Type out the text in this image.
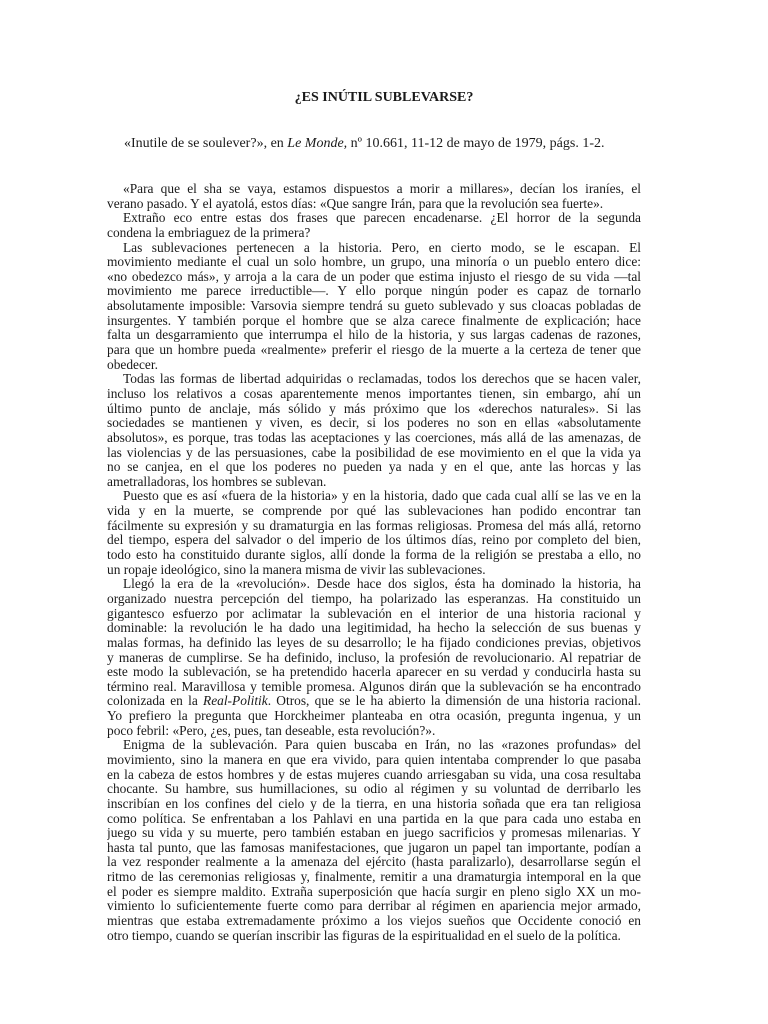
¿ES INÚTIL SUBLEVARSE?
«Inutile de se soulever?», en Le Monde, nº 10.661, 11-12 de mayo de 1979, págs. 1-2.
«Para que el sha se vaya, estamos dispuestos a morir a millares», decían los iraníes, el
verano pasado. Y el ayatolá, estos días: «Que sangre Irán, para que la revolución sea fuerte».
Extraño eco entre estas dos frases que parecen encadenarse. ¿El horror de la segunda
condena la embriaguez de la primera?
Las sublevaciones pertenecen a la historia. Pero, en cierto modo, se le escapan. El
movimiento mediante el cual un solo hombre, un grupo, una minoría o un pueblo entero dice:
«no obedezco más», y arroja a la cara de un poder que estima injusto el riesgo de su vida —tal
movimiento me parece irreductible—. Y ello porque ningún poder es capaz de tornarlo
absolutamente imposible: Varsovia siempre tendrá su gueto sublevado y sus cloacas pobladas de
insurgentes. Y también porque el hombre que se alza carece finalmente de explicación; hace
falta un desgarramiento que interrumpa el hilo de la historia, y sus largas cadenas de razones,
para que un hombre pueda «realmente» preferir el riesgo de la muerte a la certeza de tener que
obedecer.
Todas las formas de libertad adquiridas o reclamadas, todos los derechos que se hacen valer,
incluso los relativos a cosas aparentemente menos importantes tienen, sin embargo, ahí un
último punto de anclaje, más sólido y más próximo que los «derechos naturales». Si las
sociedades se mantienen y viven, es decir, si los poderes no son en ellas «absolutamente
absolutos», es porque, tras todas las aceptaciones y las coerciones, más allá de las amenazas, de
las violencias y de las persuasiones, cabe la posibilidad de ese movimiento en el que la vida ya
no se canjea, en el que los poderes no pueden ya nada y en el que, ante las horcas y las
ametralladoras, los hombres se sublevan.
Puesto que es así «fuera de la historia» y en la historia, dado que cada cual allí se las ve en la
vida y en la muerte, se comprende por qué las sublevaciones han podido encontrar tan
fácilmente su expresión y su dramaturgia en las formas religiosas. Promesa del más allá, retorno
del tiempo, espera del salvador o del imperio de los últimos días, reino por completo del bien,
todo esto ha constituido durante siglos, allí donde la forma de la religión se prestaba a ello, no
un ropaje ideológico, sino la manera misma de vivir las sublevaciones.
Llegó la era de la «revolución». Desde hace dos siglos, ésta ha dominado la historia, ha
organizado nuestra percepción del tiempo, ha polarizado las esperanzas. Ha constituido un
gigantesco esfuerzo por aclimatar la sublevación en el interior de una historia racional y
dominable: la revolución le ha dado una legitimidad, ha hecho la selección de sus buenas y
malas formas, ha definido las leyes de su desarrollo; le ha fijado condiciones previas, objetivos
y maneras de cumplirse. Se ha definido, incluso, la profesión de revolucionario. Al repatriar de
este modo la sublevación, se ha pretendido hacerla aparecer en su verdad y conducirla hasta su
término real. Maravillosa y temible promesa. Algunos dirán que la sublevación se ha encontrado
colonizada en la Real-Politik. Otros, que se le ha abierto la dimensión de una historia racional.
Yo prefiero la pregunta que Horckheimer planteaba en otra ocasión, pregunta ingenua, y un
poco febril: «Pero, ¿es, pues, tan deseable, esta revolución?».
Enigma de la sublevación. Para quien buscaba en Irán, no las «razones profundas» del
movimiento, sino la manera en que era vivido, para quien intentaba comprender lo que pasaba
en la cabeza de estos hombres y de estas mujeres cuando arriesgaban su vida, una cosa resultaba
chocante. Su hambre, sus humillaciones, su odio al régimen y su voluntad de derribarlo les
inscribían en los confines del cielo y de la tierra, en una historia soñada que era tan religiosa
como política. Se enfrentaban a los Pahlavi en una partida en la que para cada uno estaba en
juego su vida y su muerte, pero también estaban en juego sacrificios y promesas milenarias. Y
hasta tal punto, que las famosas manifestaciones, que jugaron un papel tan importante, podían a
la vez responder realmente a la amenaza del ejército (hasta paralizarlo), desarrollarse según el
ritmo de las ceremonias religiosas y, finalmente, remitir a una dramaturgia intemporal en la que
el poder es siempre maldito. Extraña superposición que hacía surgir en pleno siglo XX un mo-
vimiento lo suficientemente fuerte como para derribar al régimen en apariencia mejor armado,
mientras que estaba extremadamente próximo a los viejos sueños que Occidente conoció en
otro tiempo, cuando se querían inscribir las figuras de la espiritualidad en el suelo de la política.
